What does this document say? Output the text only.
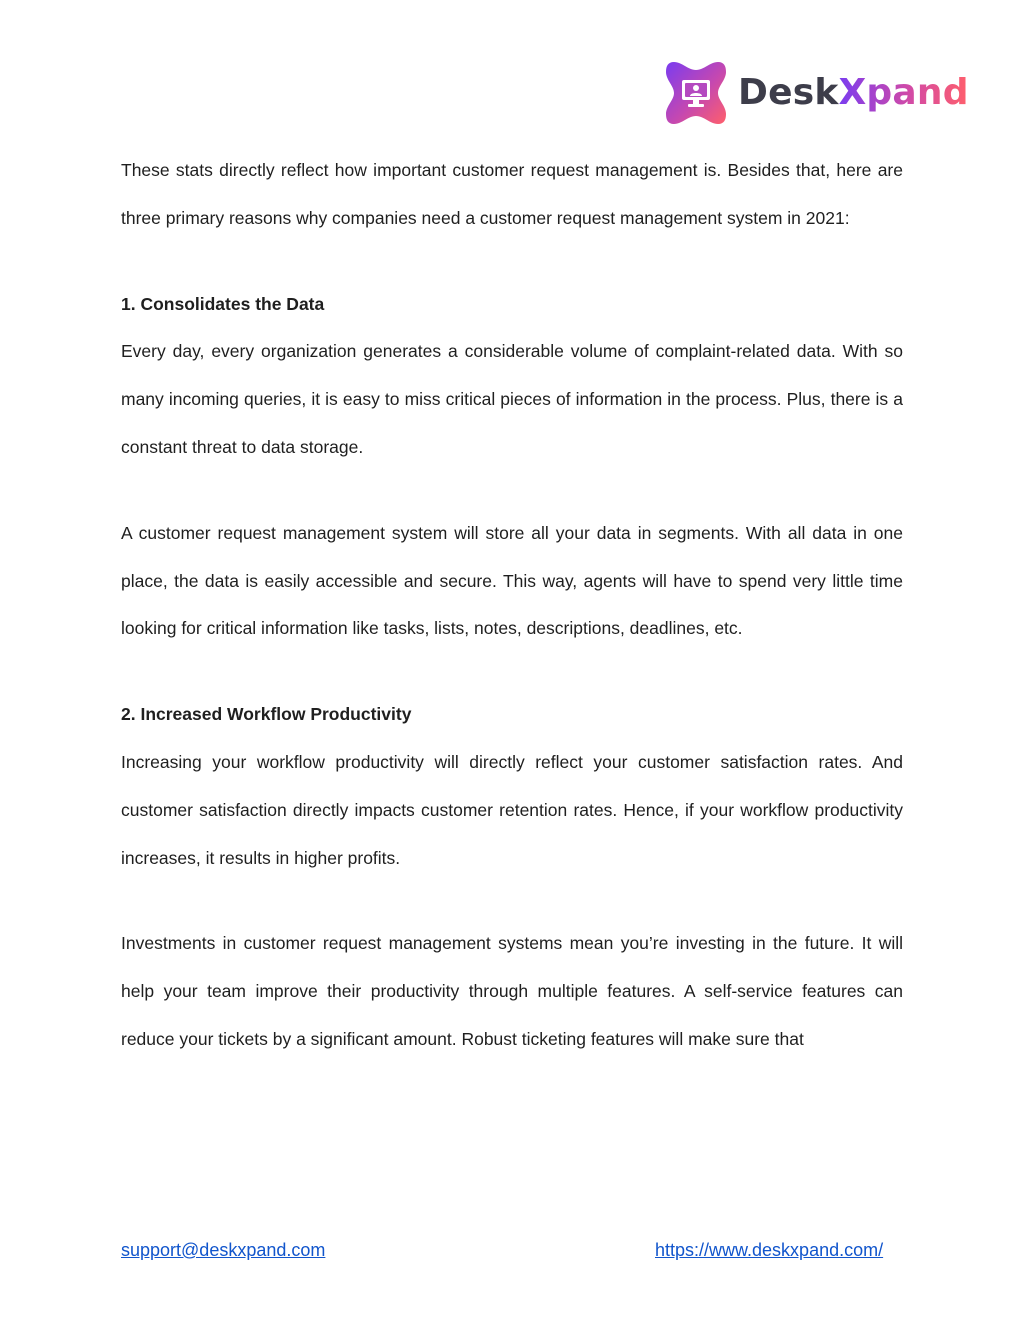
DeskXpand

These stats directly reflect how important customer request management is. Besides that, here are three primary reasons why companies need a customer request management system in 2021:

1. Consolidates the Data

Every day, every organization generates a considerable volume of complaint-related data. With so many incoming queries, it is easy to miss critical pieces of information in the process. Plus, there is a constant threat to data storage.

A customer request management system will store all your data in segments. With all data in one place, the data is easily accessible and secure. This way, agents will have to spend very little time looking for critical information like tasks, lists, notes, descriptions, deadlines, etc.

2. Increased Workflow Productivity

Increasing your workflow productivity will directly reflect your customer satisfaction rates. And customer satisfaction directly impacts customer retention rates. Hence, if your workflow productivity increases, it results in higher profits.

Investments in customer request management systems mean you’re investing in the future. It will help your team improve their productivity through multiple features. A self-service features can reduce your tickets by a significant amount. Robust ticketing features will make sure that

support@deskxpand.com	https://www.deskxpand.com/
